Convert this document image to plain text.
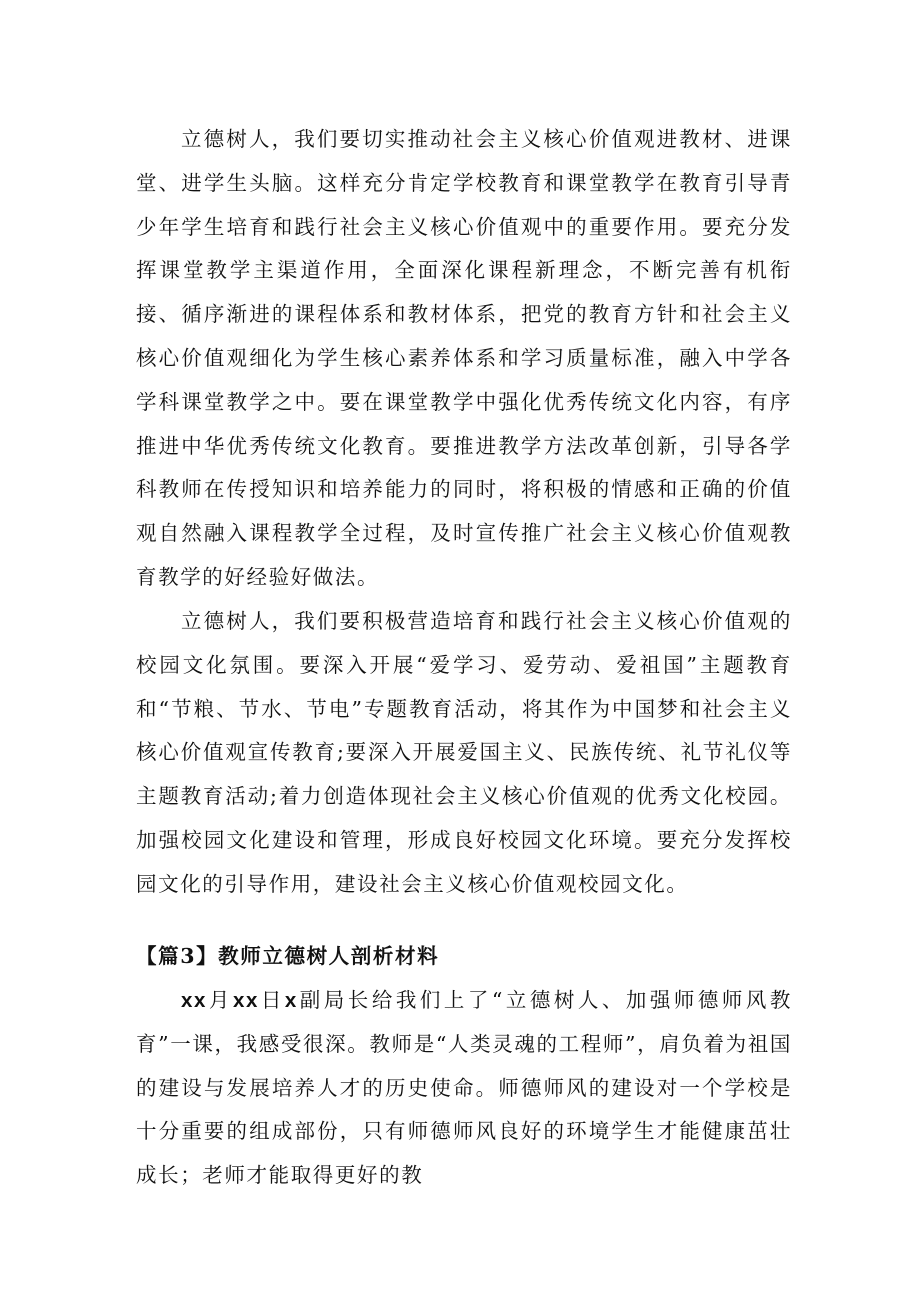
立德树人，我们要切实推动社会主义核心价值观进教材、进课堂、进学生头脑。这样充分肯定学校教育和课堂教学在教育引导青少年学生培育和践行社会主义核心价值观中的重要作用。要充分发挥课堂教学主渠道作用，全面深化课程新理念，不断完善有机衔接、循序渐进的课程体系和教材体系，把党的教育方针和社会主义核心价值观细化为学生核心素养体系和学习质量标准，融入中学各学科课堂教学之中。要在课堂教学中强化优秀传统文化内容，有序推进中华优秀传统文化教育。要推进教学方法改革创新，引导各学科教师在传授知识和培养能力的同时，将积极的情感和正确的价值观自然融入课程教学全过程，及时宣传推广社会主义核心价值观教育教学的好经验好做法。

立德树人，我们要积极营造培育和践行社会主义核心价值观的校园文化氛围。要深入开展“爱学习、爱劳动、爱祖国”主题教育和“节粮、节水、节电”专题教育活动，将其作为中国梦和社会主义核心价值观宣传教育;要深入开展爱国主义、民族传统、礼节礼仪等主题教育活动;着力创造体现社会主义核心价值观的优秀文化校园。加强校园文化建设和管理，形成良好校园文化环境。要充分发挥校园文化的引导作用，建设社会主义核心价值观校园文化。

【篇3】教师立德树人剖析材料

xx月xx日x副局长给我们上了“立德树人、加强师德师风教育”一课，我感受很深。教师是“人类灵魂的工程师”，肩负着为祖国的建设与发展培养人才的历史使命。师德师风的建设对一个学校是十分重要的组成部份，只有师德师风良好的环境学生才能健康茁壮成长；老师才能取得更好的教
